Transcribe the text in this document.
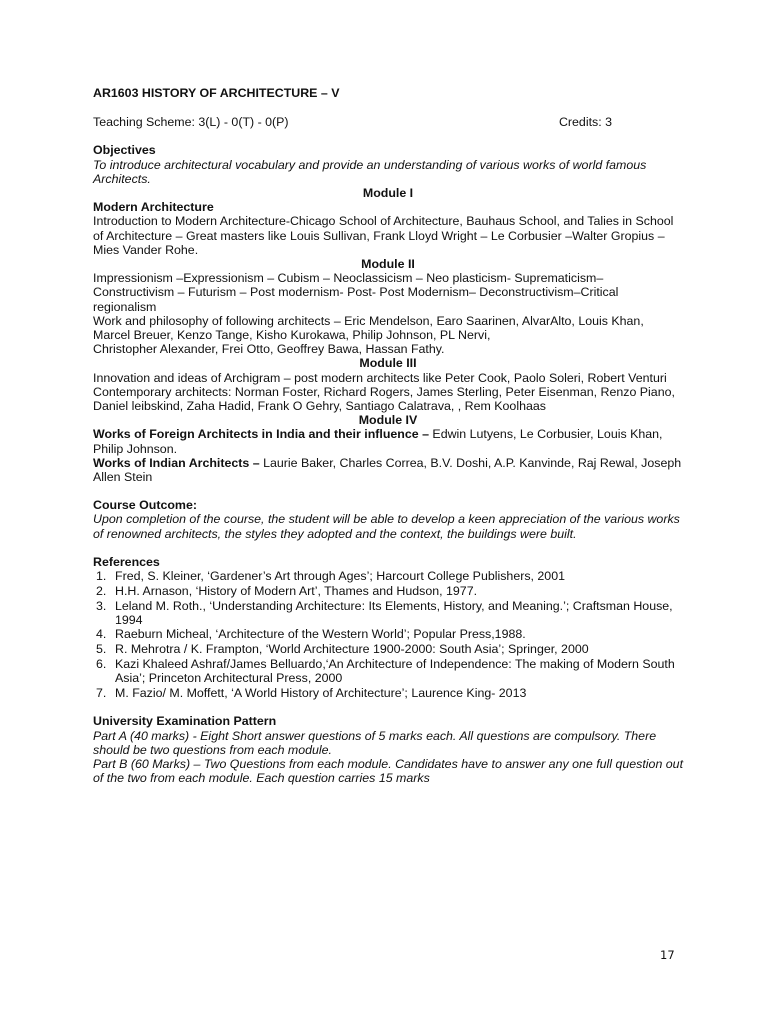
AR1603 HISTORY OF ARCHITECTURE – V
Teaching Scheme: 3(L) - 0(T) - 0(P)	Credits: 3
Objectives
To introduce architectural vocabulary and provide an understanding of various works of world famous Architects.
Module I
Modern Architecture
Introduction to Modern Architecture-Chicago School of Architecture, Bauhaus School, and Talies in School of Architecture – Great masters like Louis Sullivan, Frank Lloyd Wright – Le Corbusier –Walter Gropius – Mies Vander Rohe.
Module II
Impressionism –Expressionism – Cubism – Neoclassicism – Neo plasticism- Suprematicism– Constructivism – Futurism – Post modernism- Post- Post Modernism– Deconstructivism–Critical regionalism
Work and philosophy of following architects – Eric Mendelson, Earo Saarinen, AlvarAlto, Louis Khan, Marcel Breuer, Kenzo Tange, Kisho Kurokawa, Philip Johnson, PL Nervi,
Christopher Alexander, Frei Otto, Geoffrey Bawa, Hassan Fathy.
Module III
Innovation and ideas of Archigram – post modern architects like Peter Cook, Paolo Soleri, Robert Venturi
Contemporary architects: Norman Foster, Richard Rogers, James Sterling, Peter Eisenman, Renzo Piano, Daniel leibskind, Zaha Hadid, Frank O Gehry, Santiago Calatrava, , Rem Koolhaas
Module IV
Works of Foreign Architects in India and their influence – Edwin Lutyens, Le Corbusier, Louis Khan, Philip Johnson.
Works of Indian Architects – Laurie Baker, Charles Correa, B.V. Doshi, A.P. Kanvinde, Raj Rewal, Joseph Allen Stein
Course Outcome:
Upon completion of the course, the student will be able to develop a keen appreciation of the various works of renowned architects, the styles they adopted and the context, the buildings were built.
References
1. Fred, S. Kleiner, ‘Gardener’s Art through Ages’; Harcourt College Publishers, 2001
2. H.H. Arnason, ‘History of Modern Art’, Thames and Hudson, 1977.
3. Leland M. Roth., ‘Understanding Architecture: Its Elements, History, and Meaning.’; Craftsman House, 1994
4. Raeburn Micheal, ‘Architecture of the Western World’; Popular Press,1988.
5. R. Mehrotra / K. Frampton, ‘World Architecture 1900-2000: South Asia’; Springer, 2000
6. Kazi Khaleed Ashraf/James Belluardo,‘An Architecture of Independence: The making of Modern South Asia’; Princeton Architectural Press, 2000
7. M. Fazio/ M. Moffett, ‘A World History of Architecture’; Laurence King- 2013
University Examination Pattern
Part A (40 marks) - Eight Short answer questions of 5 marks each. All questions are compulsory. There should be two questions from each module.
Part B (60 Marks) – Two Questions from each module. Candidates have to answer any one full question out of the two from each module. Each question carries 15 marks
17
